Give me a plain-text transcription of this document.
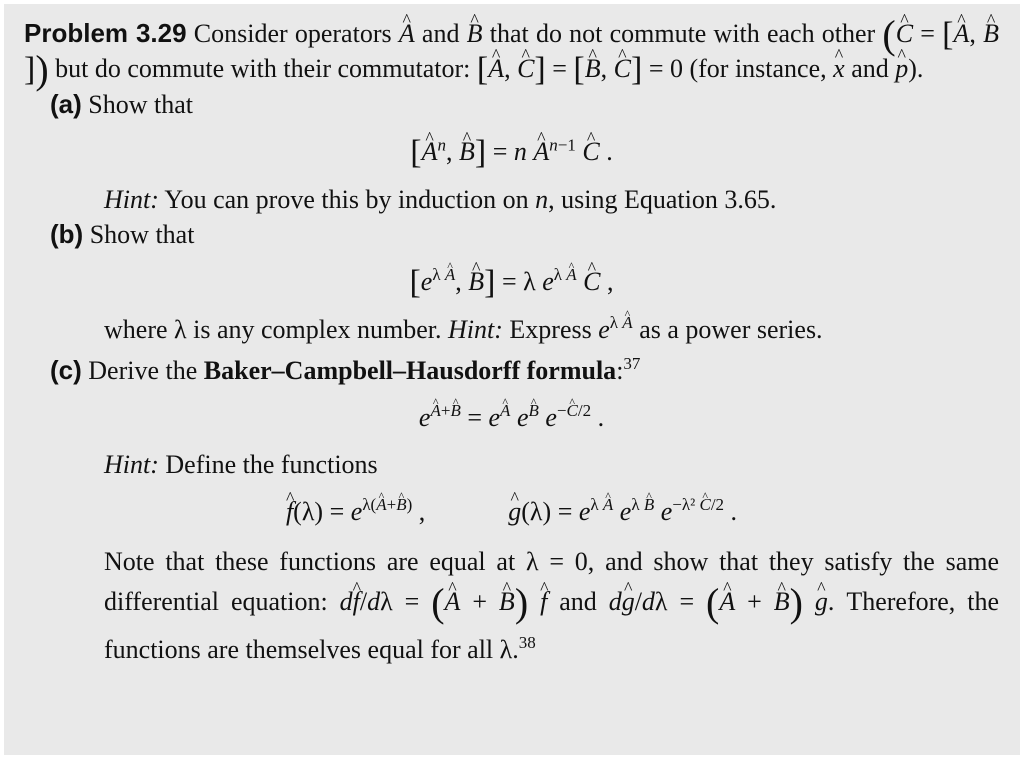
Problem 3.29 Consider operators ^ A and ^ B that do not commute with each other (^ C = [^ A, ^ B]) but do commute with their commutator: [^ A, ^ C] = [^ B, ^ C] = 0 (for instance, ^ x and ^ p).

(a) Show that

[^ $A^n$, ^ B] = n ^ $A^{n-1}$ ^ C .

Hint: You can prove this by induction on n, using Equation 3.65.

(b) Show that

[$e^{\lambda A}$, ^ B] = λ $e^{\lambda A}$ ^ C ,

where λ is any complex number. Hint: Express $e^{\lambda A}$ as a power series.

(c) Derive the Baker–Campbell–Hausdorff formula:$^{37}$

$e^{A+B} = e^A$ $e^B$ $e^{-C/2}$ .

Hint: Define the functions

^ $f(\lambda) = e^{\lambda(A+B)}$ ,	^ $g(\lambda) = e^{\lambda A}$ $e^{\lambda B}$ $e^{-\lambda^2 C/2}$ .

Note that these functions are equal at λ = 0, and show that they satisfy the same differential equation: d^ f/dλ = (^ A + ^ B) ^ f and d^ g/dλ = (^ A + ^ B) ^ g. Therefore, the functions are themselves equal for all λ.$^{38}$
